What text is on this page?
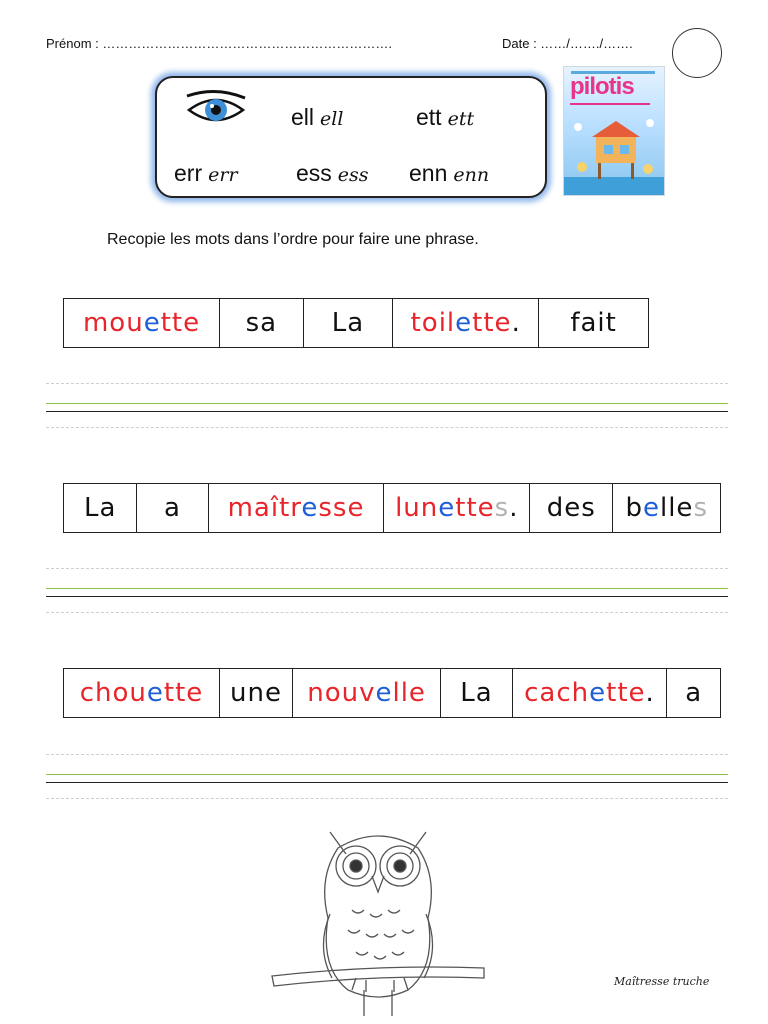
Prénom : ………………………………………………………….	Date : ……/……./…….
ell ell	ett ett
err err	ess ess enn enn
pilotis
Recopie les mots dans l’ordre pour faire une phrase.
mouette	sa	La	toilette.	fait
La	a	maîtresse	lunettes.	des	belles
chouette	une	nouvelle	La	cachette.	a
Maîtresse truche
